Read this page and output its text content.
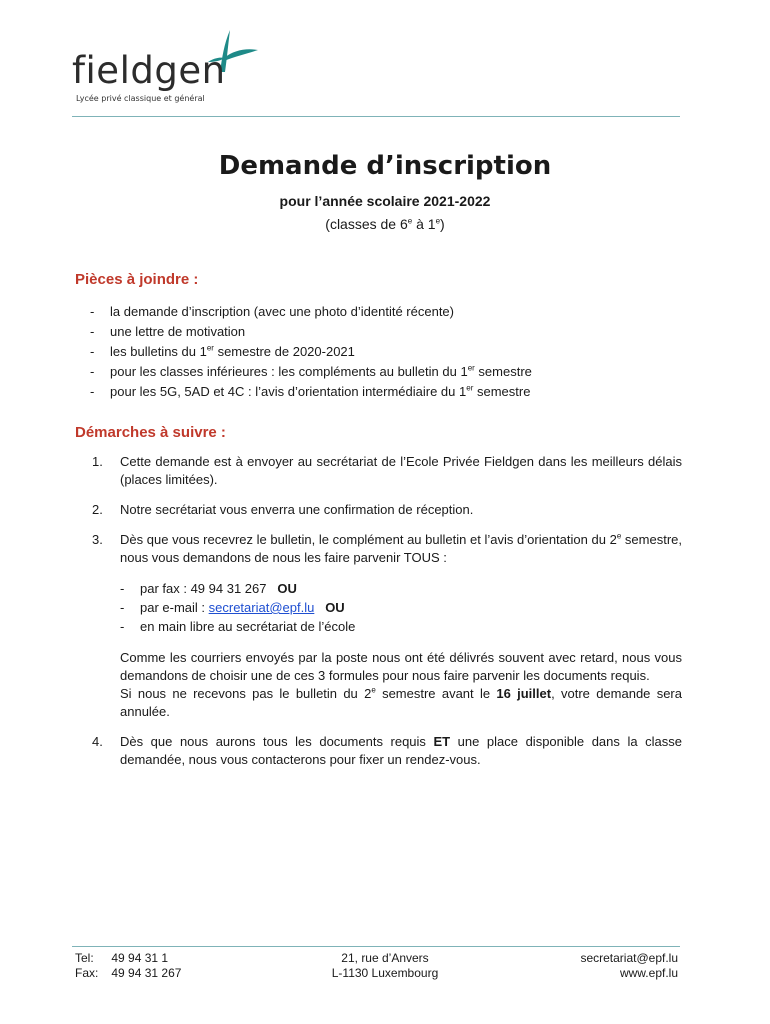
fieldgen
Lycée privé classique et général
Demande d’inscription
pour l’année scolaire 2021-2022
(classes de 6e à 1e)
Pièces à joindre :
- la demande d’inscription (avec une photo d’identité récente)
- une lettre de motivation
- les bulletins du 1er semestre de 2020-2021
- pour les classes inférieures : les compléments au bulletin du 1er semestre
- pour les 5G, 5AD et 4C : l’avis d’orientation intermédiaire du 1er semestre
Démarches à suivre :
1. Cette demande est à envoyer au secrétariat de l’Ecole Privée Fieldgen dans les meilleurs délais (places limitées).
2. Notre secrétariat vous enverra une confirmation de réception.
3. Dès que vous recevrez le bulletin, le complément au bulletin et l’avis d’orientation du 2e semestre, nous vous demandons de nous les faire parvenir TOUS :
- par fax : 49 94 31 267 OU
- par e-mail : secretariat@epf.lu OU
- en main libre au secrétariat de l’école
Comme les courriers envoyés par la poste nous ont été délivrés souvent avec retard, nous vous demandons de choisir une de ces 3 formules pour nous faire parvenir les documents requis.
Si nous ne recevons pas le bulletin du 2e semestre avant le 16 juillet, votre demande sera annulée.
4. Dès que nous aurons tous les documents requis ET une place disponible dans la classe demandée, nous vous contacterons pour fixer un rendez-vous.
Tel: 49 94 31 1
Fax: 49 94 31 267
21, rue d’Anvers
L-1130 Luxembourg
secretariat@epf.lu
www.epf.lu
